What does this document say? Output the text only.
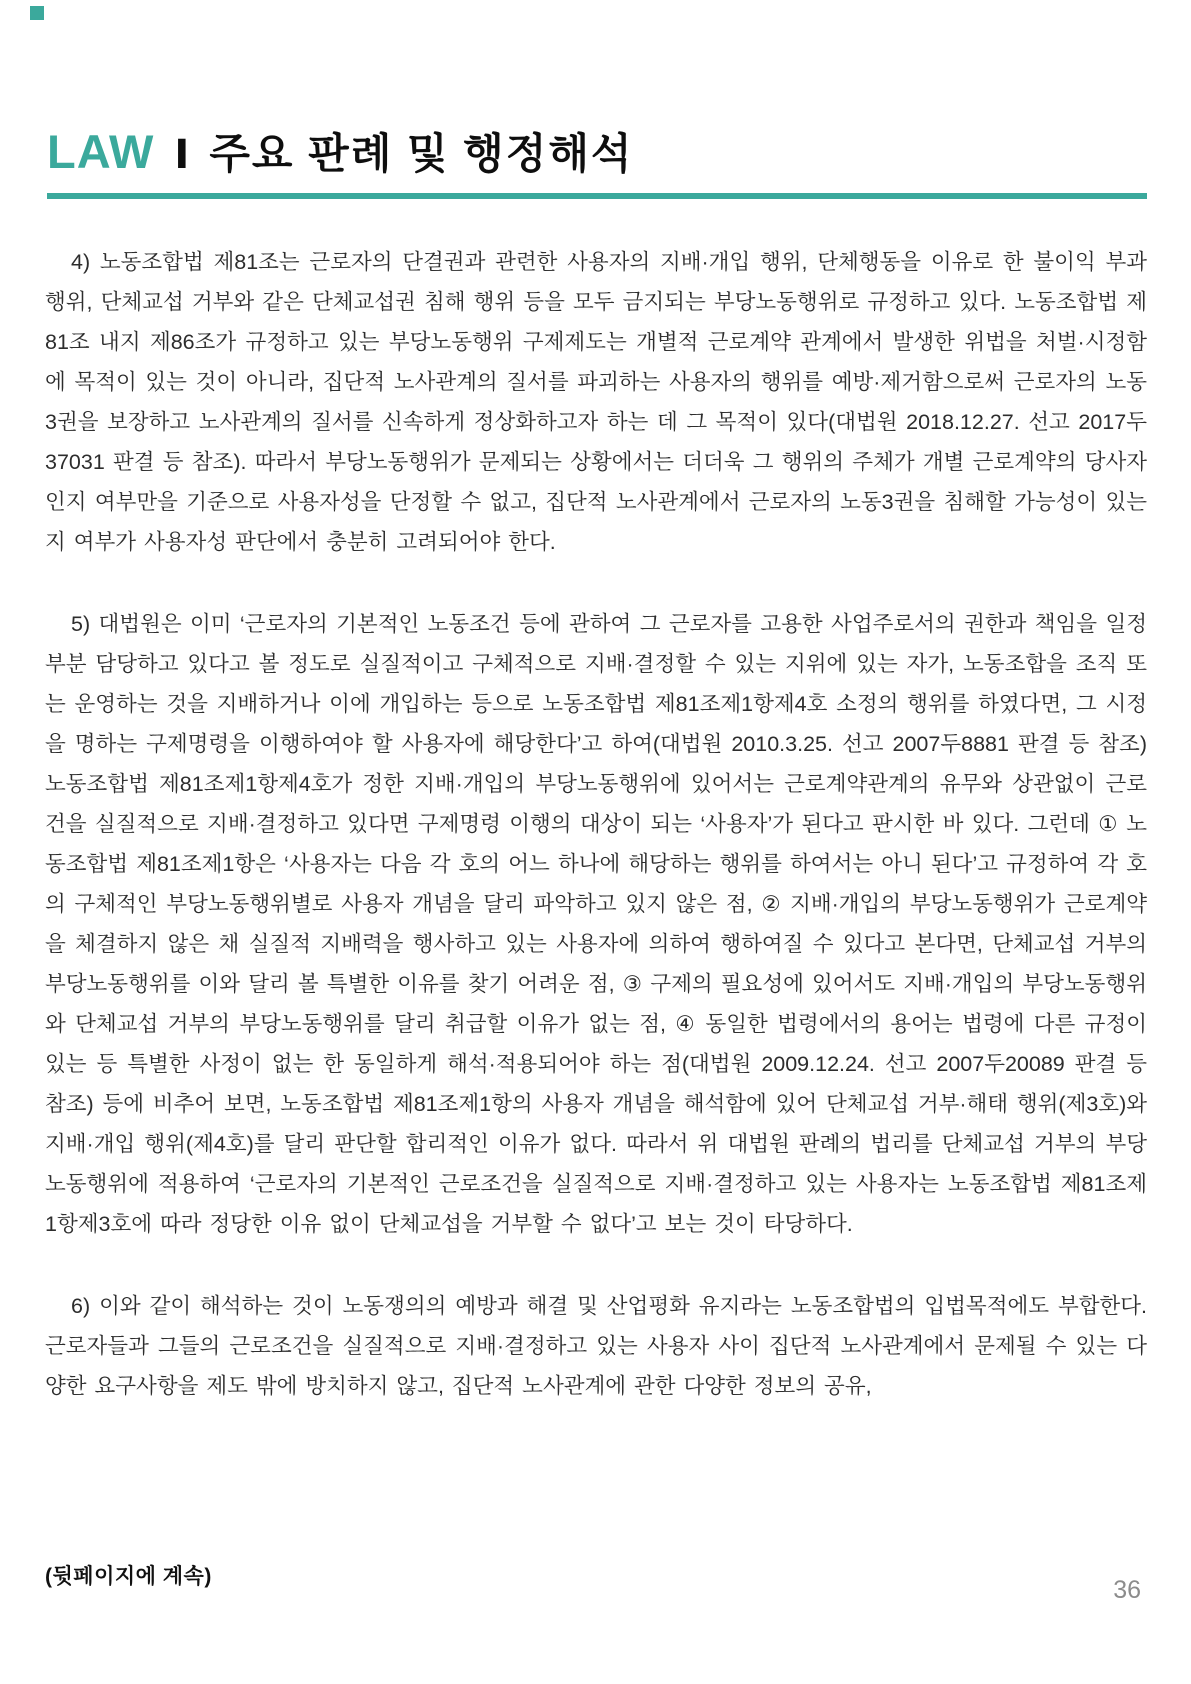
LAW Ⅰ 주요 판례 및 행정해석

4) 노동조합법 제81조는 근로자의 단결권과 관련한 사용자의 지배·개입 행위, 단체행동을 이유로 한 불이익 부과 행위, 단체교섭 거부와 같은 단체교섭권 침해 행위 등을 모두 금지되는 부당노동행위로 규정하고 있다. 노동조합법 제81조 내지 제86조가 규정하고 있는 부당노동행위 구제제도는 개별적 근로계약 관계에서 발생한 위법을 처벌·시정함에 목적이 있는 것이 아니라, 집단적 노사관계의 질서를 파괴하는 사용자의 행위를 예방·제거함으로써 근로자의 노동3권을 보장하고 노사관계의 질서를 신속하게 정상화하고자 하는 데 그 목적이 있다(대법원 2018.12.27. 선고 2017두37031 판결 등 참조). 따라서 부당노동행위가 문제되는 상황에서는 더더욱 그 행위의 주체가 개별 근로계약의 당사자인지 여부만을 기준으로 사용자성을 단정할 수 없고, 집단적 노사관계에서 근로자의 노동3권을 침해할 가능성이 있는지 여부가 사용자성 판단에서 충분히 고려되어야 한다.

5) 대법원은 이미 ‘근로자의 기본적인 노동조건 등에 관하여 그 근로자를 고용한 사업주로서의 권한과 책임을 일정 부분 담당하고 있다고 볼 정도로 실질적이고 구체적으로 지배·결정할 수 있는 지위에 있는 자가, 노동조합을 조직 또는 운영하는 것을 지배하거나 이에 개입하는 등으로 노동조합법 제81조제1항제4호 소정의 행위를 하였다면, 그 시정을 명하는 구제명령을 이행하여야 할 사용자에 해당한다’고 하여(대법원 2010.3.25. 선고 2007두8881 판결 등 참조) 노동조합법 제81조제1항제4호가 정한 지배·개입의 부당노동행위에 있어서는 근로계약관계의 유무와 상관없이 근로건을 실질적으로 지배·결정하고 있다면 구제명령 이행의 대상이 되는 ‘사용자’가 된다고 판시한 바 있다. 그런데 ① 노동조합법 제81조제1항은 ‘사용자는 다음 각 호의 어느 하나에 해당하는 행위를 하여서는 아니 된다’고 규정하여 각 호의 구체적인 부당노동행위별로 사용자 개념을 달리 파악하고 있지 않은 점, ② 지배·개입의 부당노동행위가 근로계약을 체결하지 않은 채 실질적 지배력을 행사하고 있는 사용자에 의하여 행하여질 수 있다고 본다면, 단체교섭 거부의 부당노동행위를 이와 달리 볼 특별한 이유를 찾기 어려운 점, ③ 구제의 필요성에 있어서도 지배·개입의 부당노동행위와 단체교섭 거부의 부당노동행위를 달리 취급할 이유가 없는 점, ④ 동일한 법령에서의 용어는 법령에 다른 규정이 있는 등 특별한 사정이 없는 한 동일하게 해석·적용되어야 하는 점(대법원 2009.12.24. 선고 2007두20089 판결 등 참조) 등에 비추어 보면, 노동조합법 제81조제1항의 사용자 개념을 해석함에 있어 단체교섭 거부·해태 행위(제3호)와 지배·개입 행위(제4호)를 달리 판단할 합리적인 이유가 없다. 따라서 위 대법원 판례의 법리를 단체교섭 거부의 부당노동행위에 적용하여 ‘근로자의 기본적인 근로조건을 실질적으로 지배·결정하고 있는 사용자는 노동조합법 제81조제1항제3호에 따라 정당한 이유 없이 단체교섭을 거부할 수 없다’고 보는 것이 타당하다.

6) 이와 같이 해석하는 것이 노동쟁의의 예방과 해결 및 산업평화 유지라는 노동조합법의 입법목적에도 부합한다. 근로자들과 그들의 근로조건을 실질적으로 지배·결정하고 있는 사용자 사이 집단적 노사관계에서 문제될 수 있는 다양한 요구사항을 제도 밖에 방치하지 않고, 집단적 노사관계에 관한 다양한 정보의 공유,

(뒷페이지에 계속)	36
